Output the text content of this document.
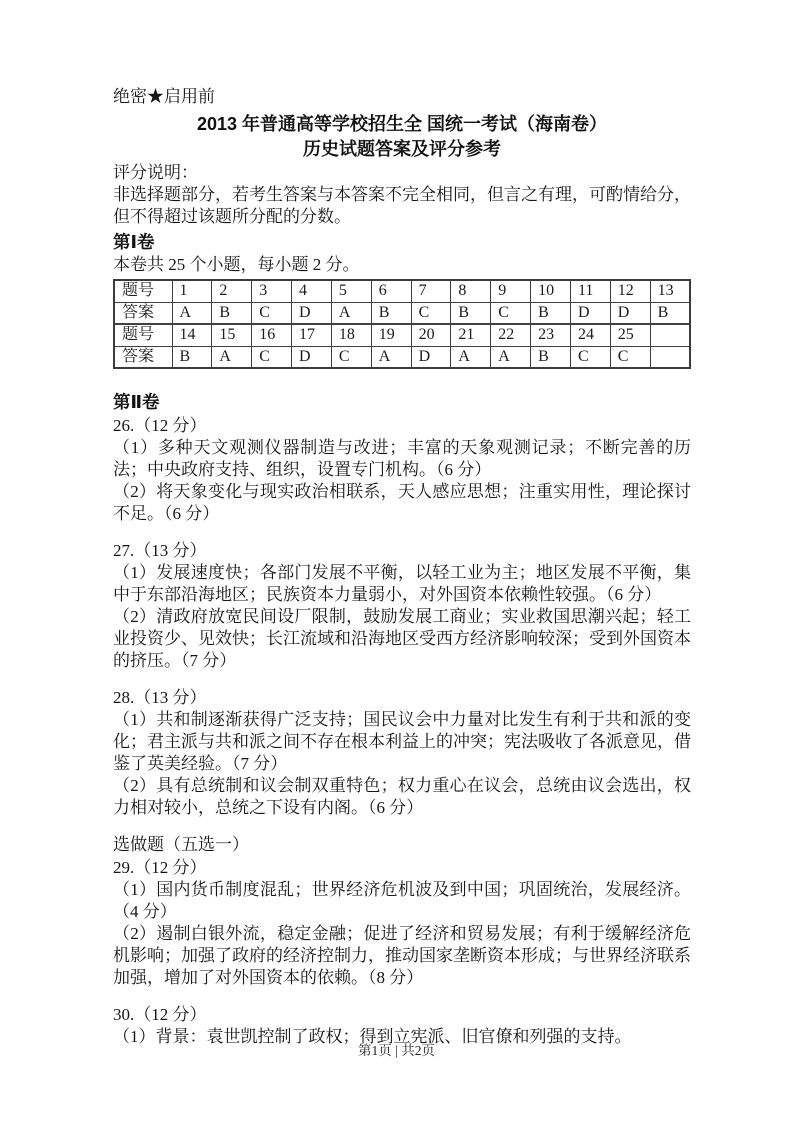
绝密★启用前

2013 年普通高等学校招生全 国统一考试（海南卷）

历史试题答案及评分参考

评分说明：

非选择题部分，若考生答案与本答案不完全相同，但言之有理，可酌情给分，但不得超过该题所分配的分数。

第Ⅰ卷

本卷共 25 个小题，每小题 2 分。

题号	1	2	3	4	5	6	7	8	9	10	11	12	13
答案	A	B	C	D	A	B	C	B	C	B	D	D	B
题号	14	15	16	17	18	19	20	21	22	23	24	25	
答案	B	A	C	D	C	A	D	A	A	B	C	C	

第Ⅱ卷

26.（12 分）

（1）多种天文观测仪器制造与改进；丰富的天象观测记录；不断完善的历法；中央政府支持、组织，设置专门机构。（6 分）

（2）将天象变化与现实政治相联系，天人感应思想；注重实用性，理论探讨不足。（6 分）

27.（13 分）

（1）发展速度快；各部门发展不平衡，以轻工业为主；地区发展不平衡，集中于东部沿海地区；民族资本力量弱小，对外国资本依赖性较强。（6 分）

（2）清政府放宽民间设厂限制，鼓励发展工商业；实业救国思潮兴起；轻工业投资少、见效快；长江流域和沿海地区受西方经济影响较深；受到外国资本的挤压。（7 分）

28.（13 分）

（1）共和制逐渐获得广泛支持；国民议会中力量对比发生有利于共和派的变化；君主派与共和派之间不存在根本利益上的冲突；宪法吸收了各派意见，借鉴了英美经验。（7 分）

（2）具有总统制和议会制双重特色；权力重心在议会，总统由议会选出，权力相对较小，总统之下设有内阁。（6 分）

选做题（五选一）

29.（12 分）

（1）国内货币制度混乱；世界经济危机波及到中国；巩固统治，发展经济。（4 分）

（2）遏制白银外流，稳定金融；促进了经济和贸易发展；有利于缓解经济危机影响；加强了政府的经济控制力，推动国家垄断资本形成；与世界经济联系加强，增加了对外国资本的依赖。（8 分）

30.（12 分）

（1）背景：袁世凯控制了政权；得到立宪派、旧官僚和列强的支持。

第1页 | 共2页
